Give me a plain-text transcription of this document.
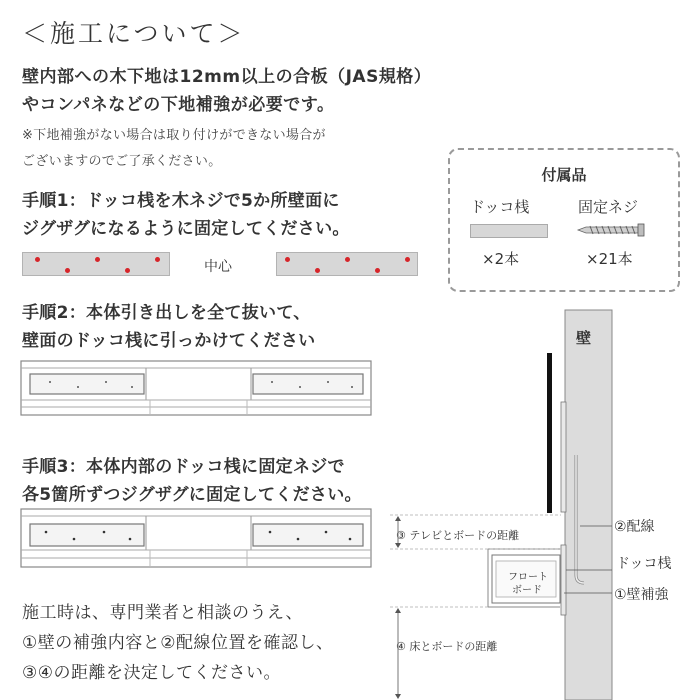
＜施工について＞
壁内部への木下地は12mm以上の合板（JAS規格）
やコンパネなどの下地補強が必要です。
※下地補強がない場合は取り付けができない場合が
ございますのでご了承ください。
手順1：ドッコ桟を木ネジで5か所壁面に
ジグザグになるように固定してください。
中心
手順2：本体引き出しを全て抜いて、
壁面のドッコ桟に引っかけてください
手順3：本体内部のドッコ桟に固定ネジで
各5箇所ずつジグザグに固定してください。
施工時は、専門業者と相談のうえ、
①壁の補強内容と②配線位置を確認し、
③④の距離を決定してください。
付属品
ドッコ桟	固定ネジ
×2本	×21本
壁
②配線
③ テレビとボードの距離
ドッコ桟
フロート
ボード	①壁補強
④ 床とボードの距離
